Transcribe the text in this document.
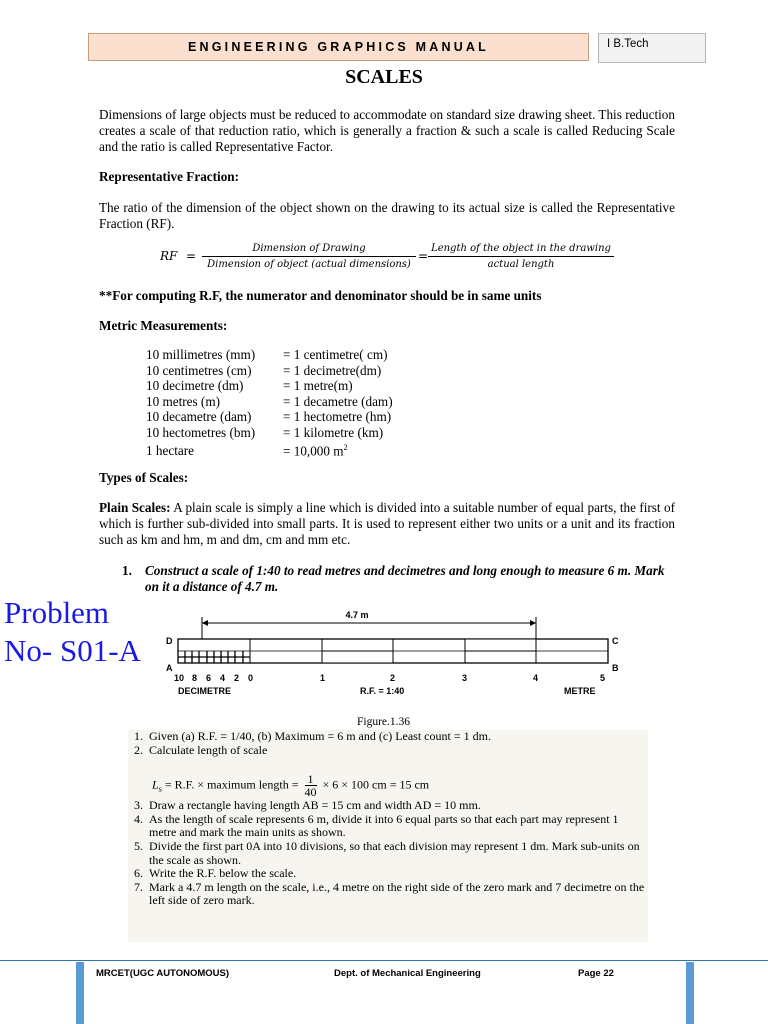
ENGINEERING GRAPHICS MANUAL	I B.Tech
SCALES
Dimensions of large objects must be reduced to accommodate on standard size drawing sheet. This reduction creates a scale of that reduction ratio, which is generally a fraction & such a scale is called Reducing Scale and the ratio is called Representative Factor.
Representative Fraction:
The ratio of the dimension of the object shown on the drawing to its actual size is called the Representative Fraction (RF).
RF =
Dimension of Drawing
Dimension of object (actual dimensions)
=
Length of the object in the drawing
actual length
**For computing R.F, the numerator and denominator should be in same units
Metric Measurements:
10 millimetres (mm) = 1 centimetre( cm)
10 centimetres (cm) = 1 decimetre(dm)
10 decimetre (dm)	= 1 metre(m)
10 metres (m)	= 1 decametre (dam)
10 decametre (dam) = 1 hectometre (hm)
10 hectometres (bm) = 1 kilometre (km)
1 hectare	= 10,000 $m^2$
Types of Scales:
Plain Scales: A plain scale is simply a line which is divided into a suitable number of equal parts, the first of which is further sub-divided into small parts. It is used to represent either two units or a unit and its fraction such as km and hm, m and dm, cm and mm etc.
1. Construct a scale of 1:40 to read metres and decimetres and long enough to measure 6 m. Mark on it a distance of 4.7 m.
Problem
No- S01-A
4.7 m
D	C
A	B
10 8 6 4 2 0	1	2	3	4	5
DECIMETRE	R.F. = 1:40	METRE
Figure.1.36
1. Given (a) R.F. = 1/40, (b) Maximum = 6 m and (c) Least count = 1 dm.
2. Calculate length of scale
$L_s = R.F$. × maximum length = $\frac{1}{40} \times 6 \times 100$ cm = 15 cm
3. Draw a rectangle having length AB = 15 cm and width AD = 10 mm.
4. As the length of scale represents 6 m, divide it into 6 equal parts so that each part may represent 1 metre and mark the main units as shown.
5. Divide the first part 0A into 10 divisions, so that each division may represent 1 dm. Mark sub-units on the scale as shown.
6. Write the R.F. below the scale.
7. Mark a 4.7 m length on the scale, i.e., 4 metre on the right side of the zero mark and 7 decimetre on the left side of zero mark.
MRCET(UGC AUTONOMOUS)	Dept. of Mechanical Engineering	Page 22
